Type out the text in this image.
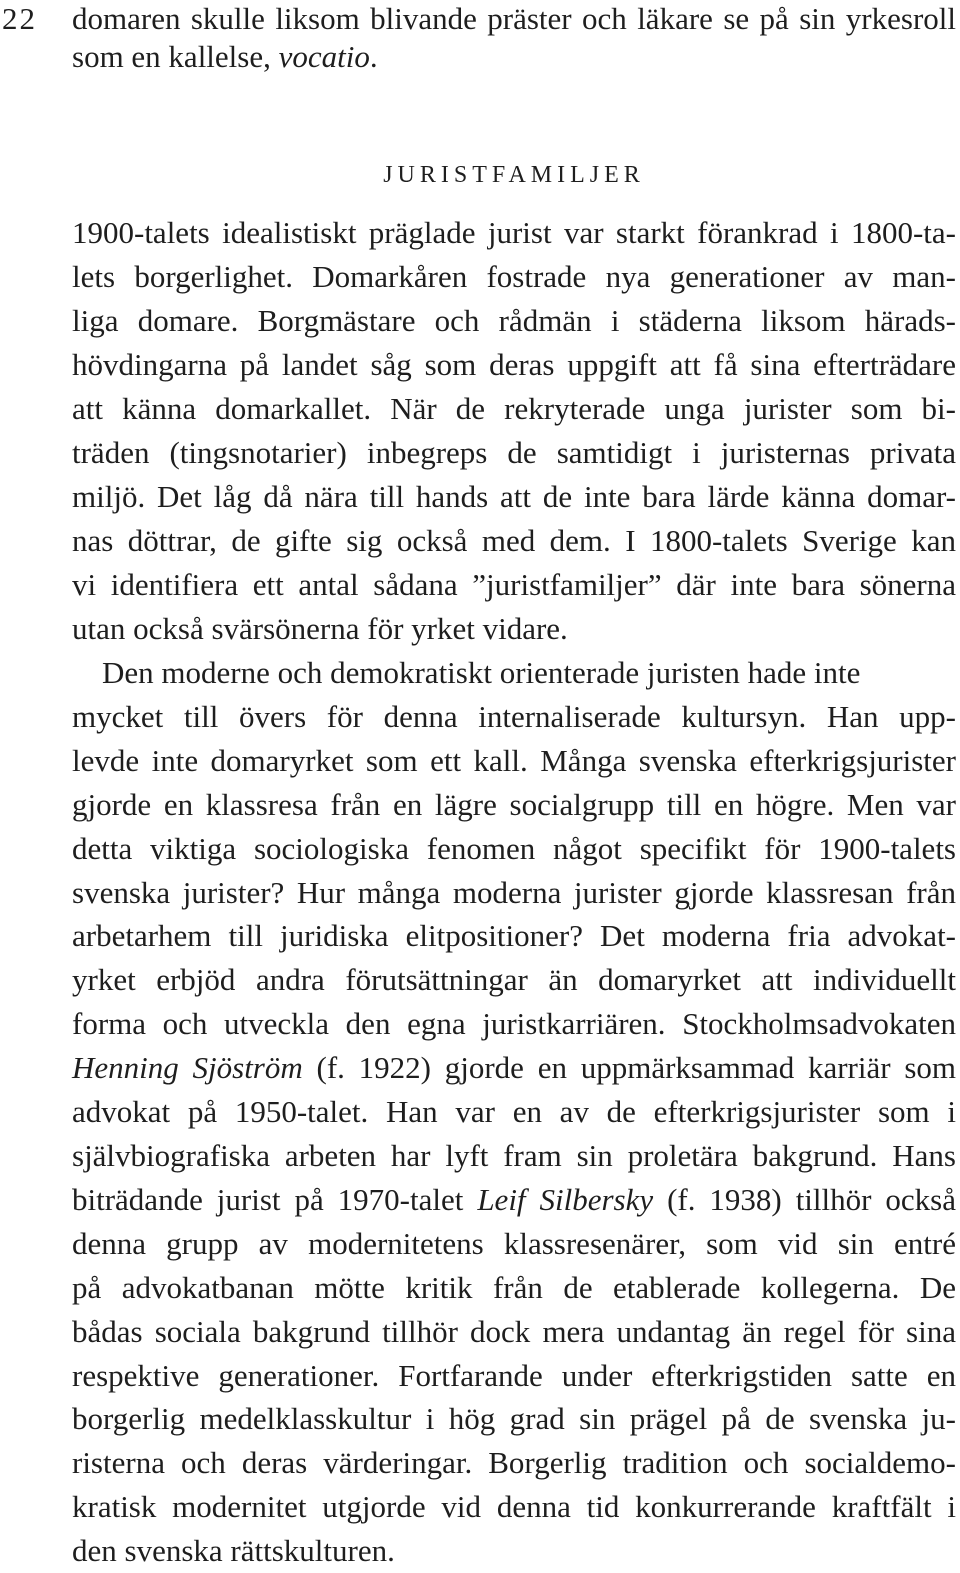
22
JURISTFAMILJER
domaren skulle liksom blivande präster och läkare se på sin yrkesroll
som en kallelse, vocatio.
1900-talets idealistiskt präglade jurist var starkt förankrad i 1800-ta-
lets borgerlighet. Domarkåren fostrade nya generationer av man-
liga domare. Borgmästare och rådmän i städerna liksom härads-
hövdingarna på landet såg som deras uppgift att få sina efterträdare
att känna domarkallet. När de rekryterade unga jurister som bi-
träden (tingsnotarier) inbegreps de samtidigt i juristernas privata
miljö. Det låg då nära till hands att de inte bara lärde känna domar-
nas döttrar, de gifte sig också med dem. I 1800-talets Sverige kan
vi identifiera ett antal sådana ”juristfamiljer” där inte bara sönerna
utan också svärsönerna för yrket vidare.
Den moderne och demokratiskt orienterade juristen hade inte
mycket till övers för denna internaliserade kultursyn. Han upp-
levde inte domaryrket som ett kall. Många svenska efterkrigsjurister
gjorde en klassresa från en lägre socialgrupp till en högre. Men var
detta viktiga sociologiska fenomen något specifikt för 1900-talets
svenska jurister? Hur många moderna jurister gjorde klassresan från
arbetarhem till juridiska elitpositioner? Det moderna fria advokat-
yrket erbjöd andra förutsättningar än domaryrket att individuellt
forma och utveckla den egna juristkarriären. Stockholmsadvokaten
Henning Sjöström (f. 1922) gjorde en uppmärksammad karriär som
advokat på 1950-talet. Han var en av de efterkrigsjurister som i
självbiografiska arbeten har lyft fram sin proletära bakgrund. Hans
biträdande jurist på 1970-talet Leif Silbersky (f. 1938) tillhör också
denna grupp av modernitetens klassresenärer, som vid sin entré
på advokatbanan mötte kritik från de etablerade kollegerna. De
bådas sociala bakgrund tillhör dock mera undantag än regel för sina
respektive generationer. Fortfarande under efterkrigstiden satte en
borgerlig medelklasskultur i hög grad sin prägel på de svenska ju-
risterna och deras värderingar. Borgerlig tradition och socialdemo-
kratisk modernitet utgjorde vid denna tid konkurrerande kraftfält i
den svenska rättskulturen.
